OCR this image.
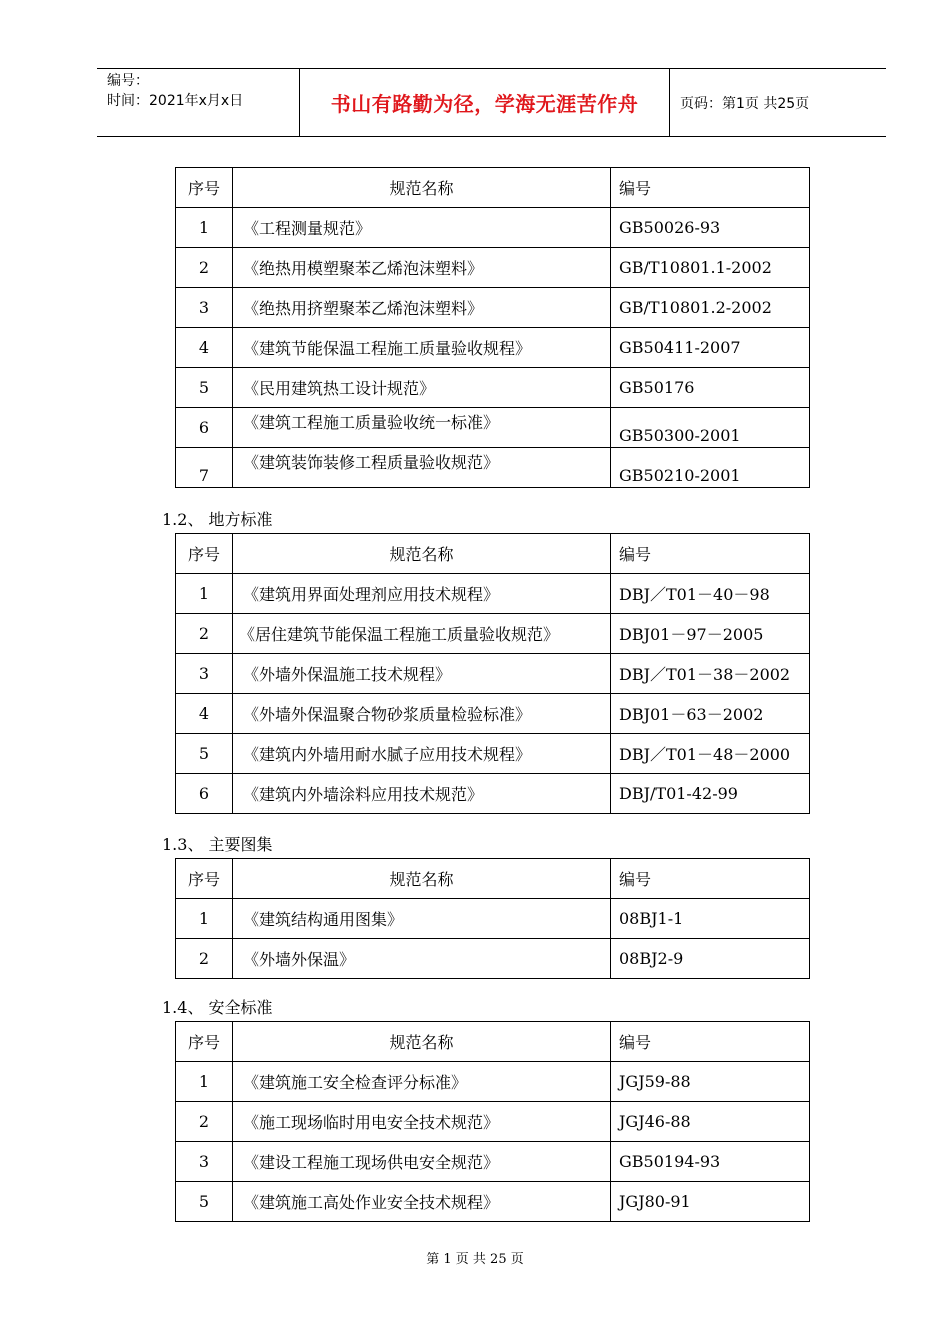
编号：
时间：2021年x月x日	书山有路勤为径，学海无涯苦作舟	页码：第1页 共25页
序号	规范名称	编号
1	《工程测量规范》	GB50026-93
2	《绝热用模塑聚苯乙烯泡沫塑料》	GB/T10801.1-2002
3	《绝热用挤塑聚苯乙烯泡沫塑料》	GB/T10801.2-2002
4	《建筑节能保温工程施工质量验收规程》	GB50411-2007
5	《民用建筑热工设计规范》	GB50176
6	《建筑工程施工质量验收统一标准》	GB50300-2001
7	《建筑装饰装修工程质量验收规范》	GB50210-2001
1.2、 地方标准
序号	规范名称	编号
1	《建筑用界面处理剂应用技术规程》	DBJ／T01－40－98
2	《居住建筑节能保温工程施工质量验收规范》	DBJ01－97－2005
3	《外墙外保温施工技术规程》	DBJ／T01－38－2002
4	《外墙外保温聚合物砂浆质量检验标准》	DBJ01－63－2002
5	《建筑内外墙用耐水腻子应用技术规程》	DBJ／T01－48－2000
6	《建筑内外墙涂料应用技术规范》	DBJ/T01-42-99
1.3、 主要图集
序号	规范名称	编号
1	《建筑结构通用图集》	08BJ1-1
2	《外墙外保温》	08BJ2-9
1.4、 安全标准
序号	规范名称	编号
1	《建筑施工安全检查评分标准》	JGJ59-88
2	《施工现场临时用电安全技术规范》	JGJ46-88
3	《建设工程施工现场供电安全规范》	GB50194-93
5	《建筑施工高处作业安全技术规程》	JGJ80-91
第 1 页 共 25 页
